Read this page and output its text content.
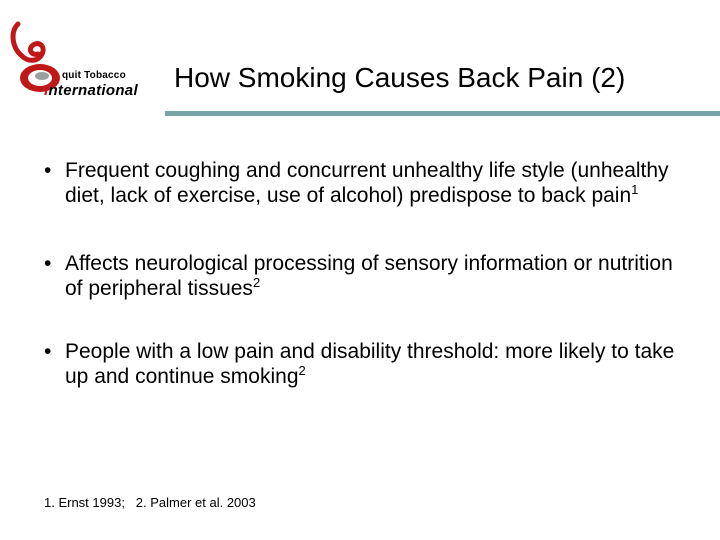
quit Tobacco
International How Smoking Causes Back Pain (2)
• Frequent coughing and concurrent unhealthy life style (unhealthy diet, lack of exercise, use of alcohol) predispose to back pain$^1$
• Affects neurological processing of sensory information or nutrition of peripheral tissues$^2$
• People with a low pain and disability threshold: more likely to take up and continue smoking$^2$
1. Ernst 1993;   2. Palmer et al. 2003
